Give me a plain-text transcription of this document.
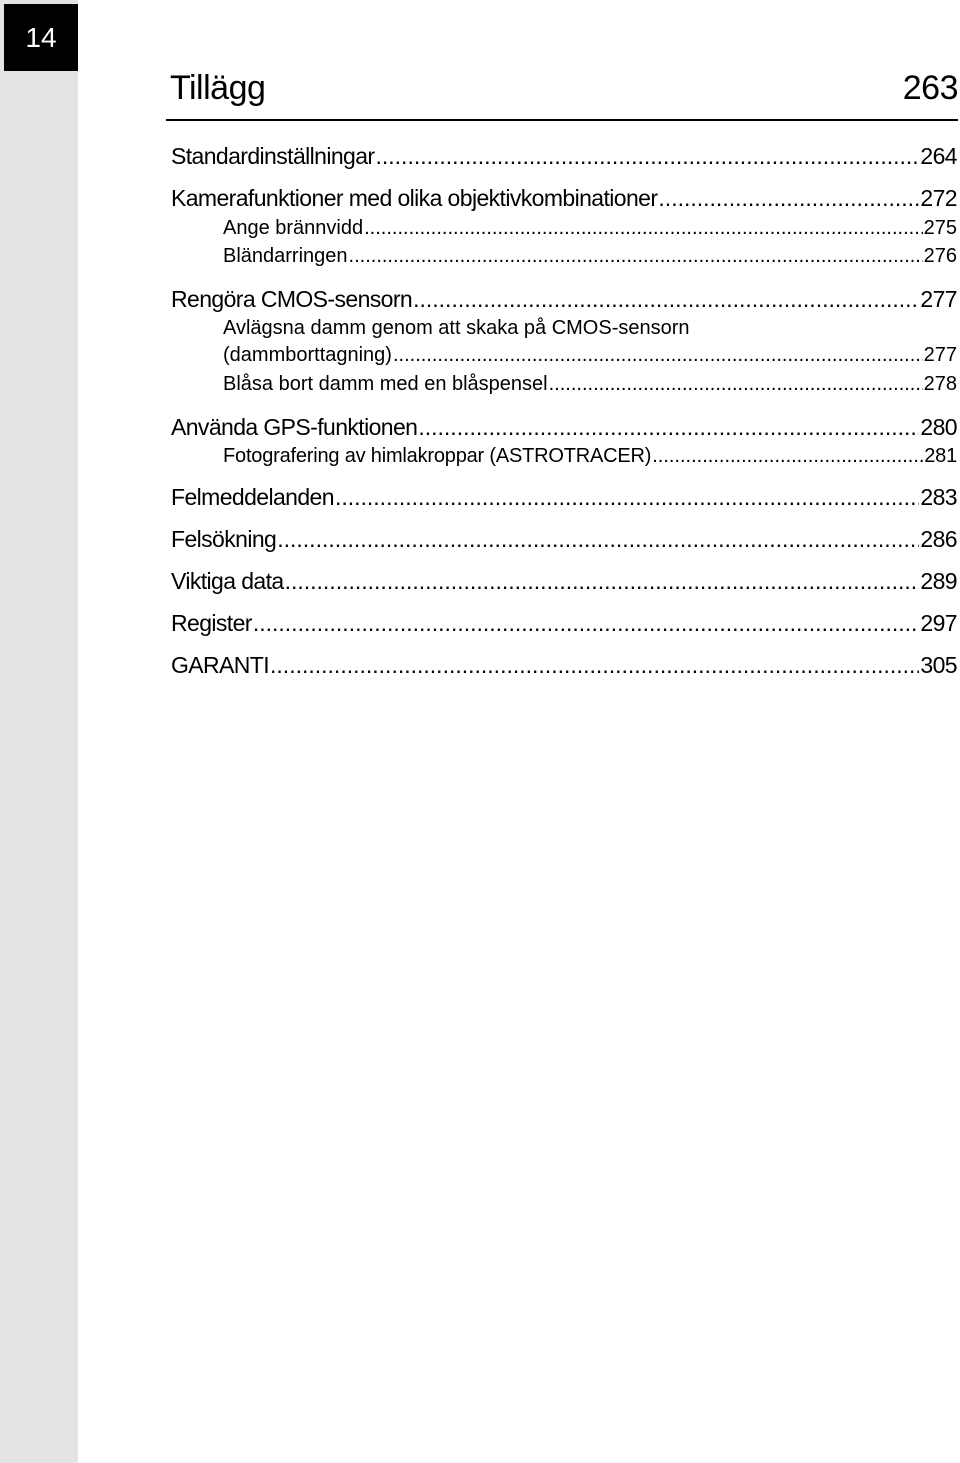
14
Tillägg	263
Standardinställningar .....	264
Kamerafunktioner med olika objektivkombinationer .....	272
Ange brännvidd .....	275
Bländarringen .....	276
Rengöra CMOS-sensorn .....	277
Avlägsna damm genom att skaka på CMOS-sensorn
(dammborttagning) .....	277
Blåsa bort damm med en blåspensel .....	278
Använda GPS-funktionen .....	280
Fotografering av himlakroppar (ASTROTRACER) .....	281
Felmeddelanden .....	283
Felsökning .....	286
Viktiga data .....	289
Register .....	297
GARANTI .....	305
